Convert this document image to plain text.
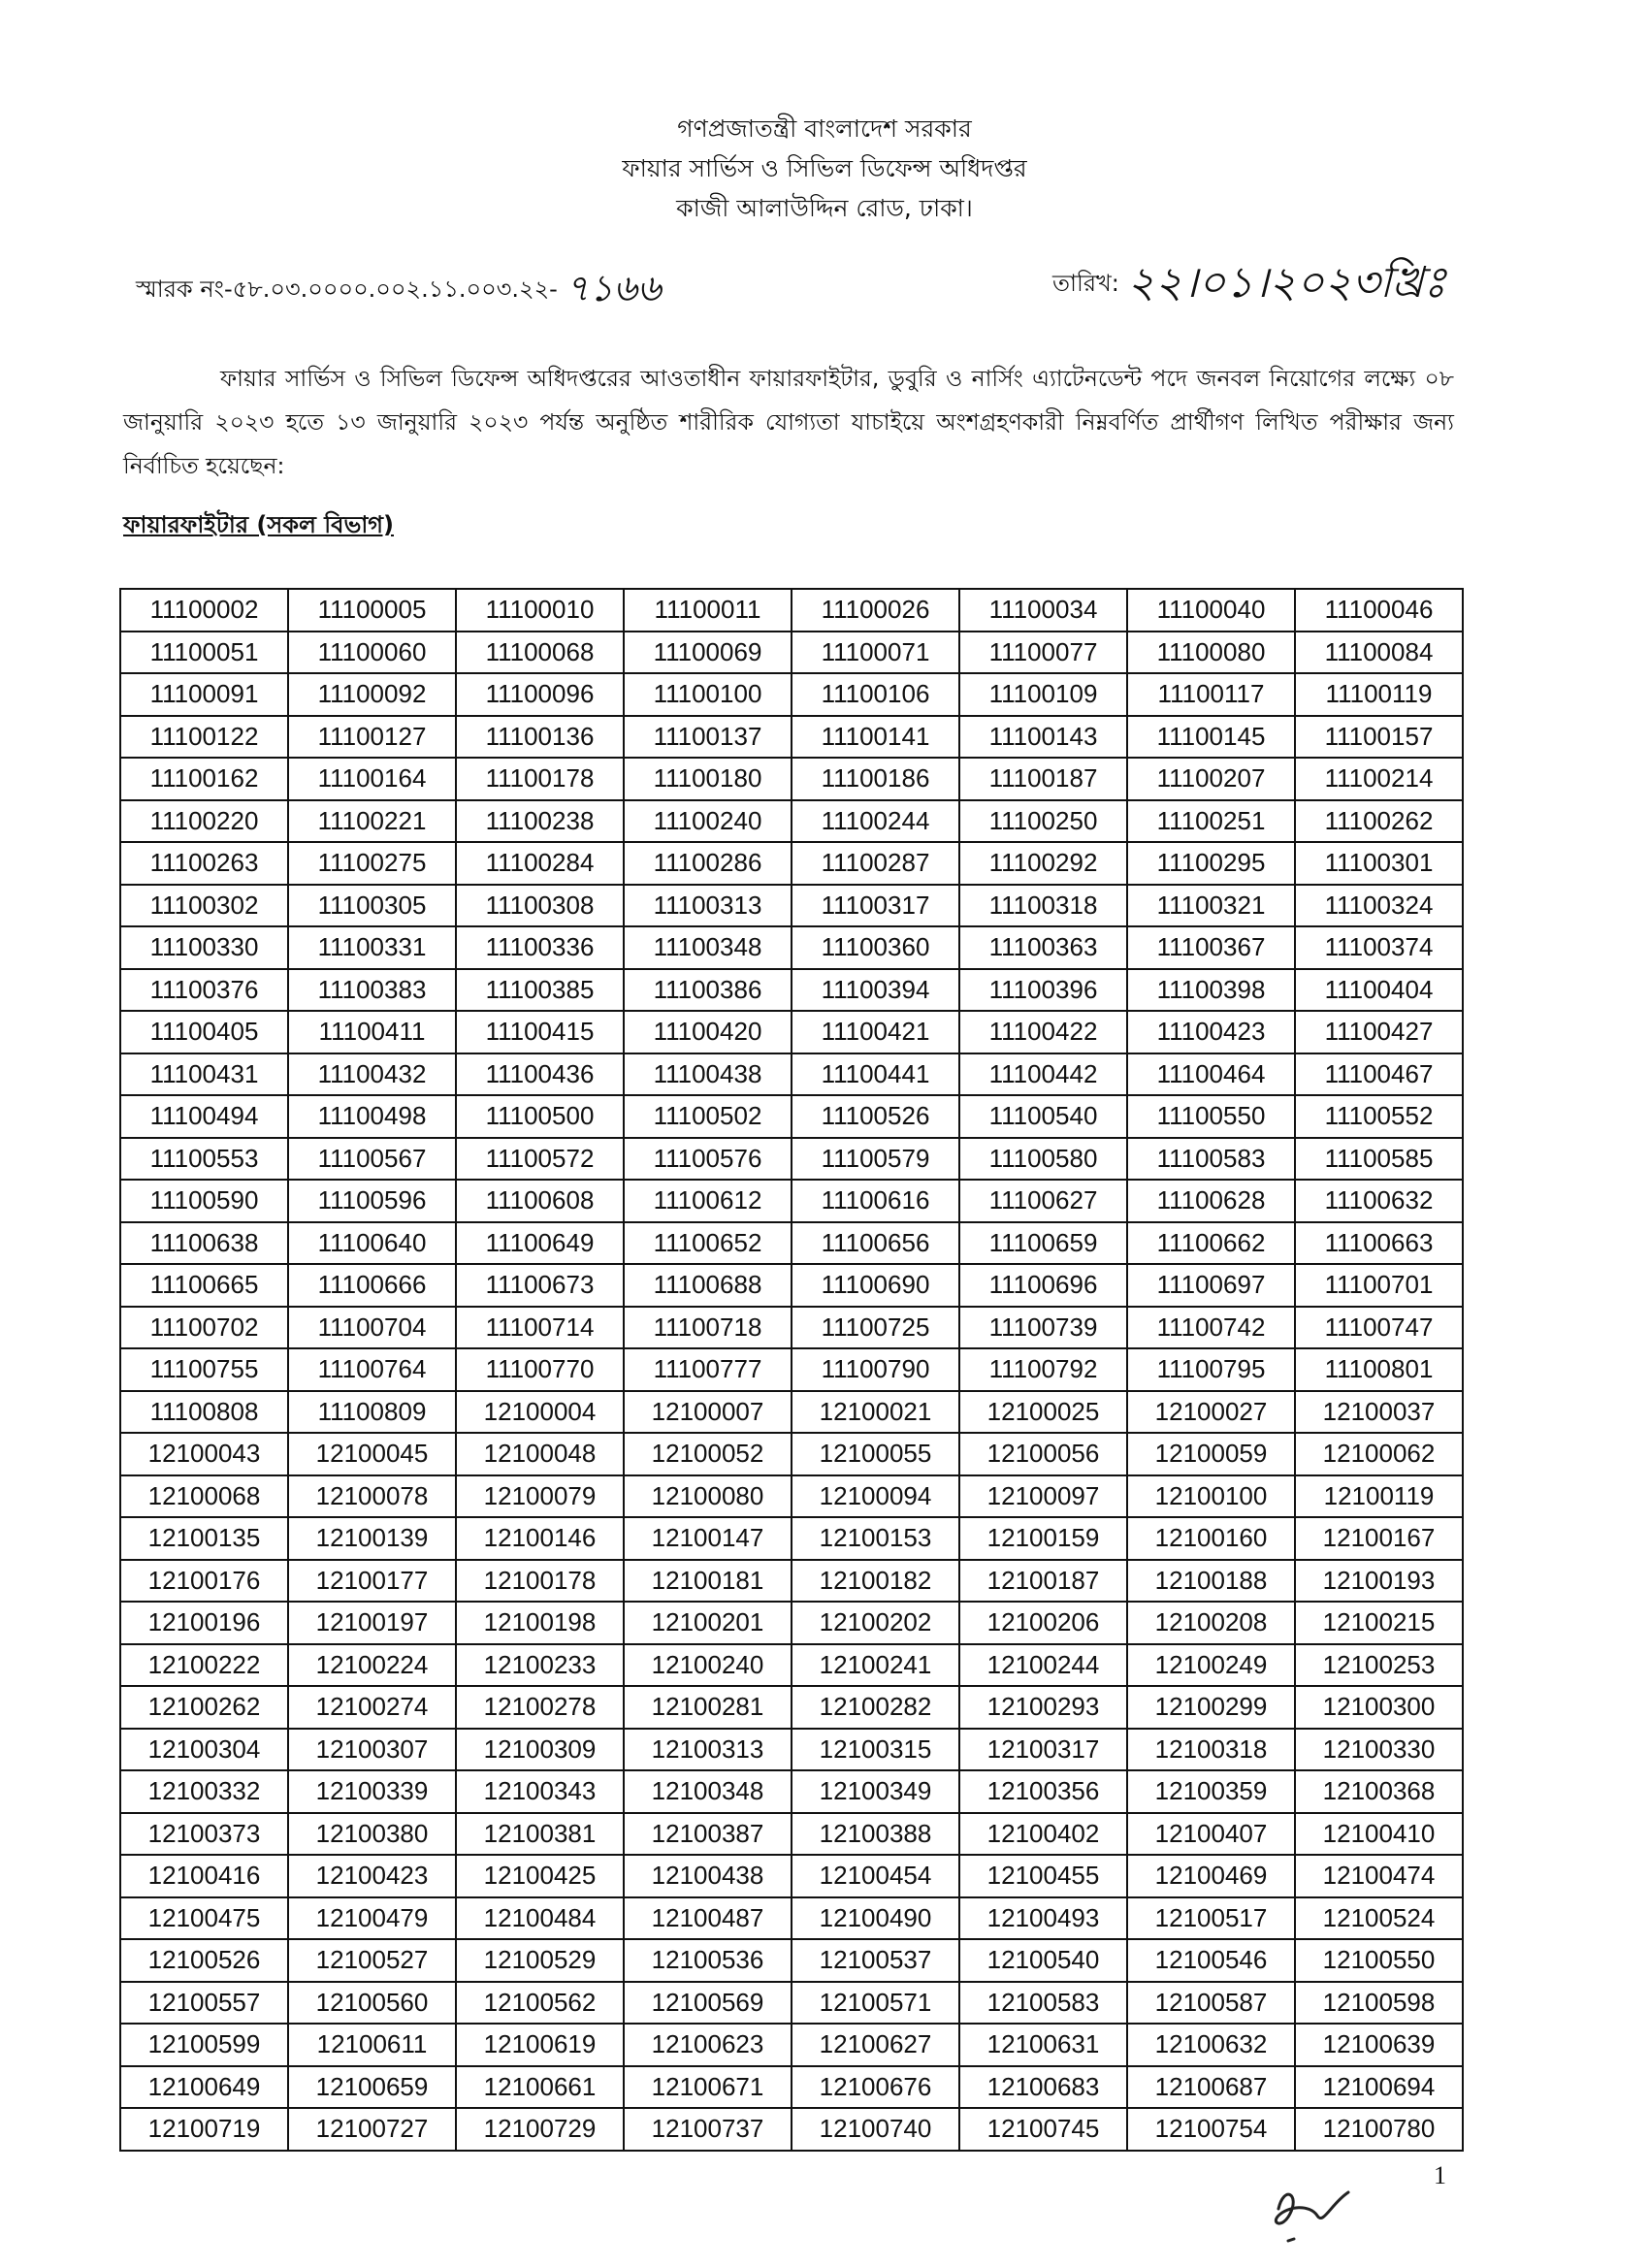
গণপ্রজাতন্ত্রী বাংলাদেশ সরকার
ফায়ার সার্ভিস ও সিভিল ডিফেন্স অধিদপ্তর
কাজী আলাউদ্দিন রোড, ঢাকা।
স্মারক নং-৫৮.০৩.০০০০.০০২.১১.০০৩.২২- ৭১৬৬	তারিখ: ২২।০১।২০২৩খ্রিঃ
ফায়ার সার্ভিস ও সিভিল ডিফেন্স অধিদপ্তরের আওতাধীন ফায়ারফাইটার, ডুবুরি ও নার্সিং এ্যাটেনডেন্ট পদে জনবল নিয়োগের লক্ষ্যে ০৮ জানুয়ারি ২০২৩ হতে ১৩ জানুয়ারি ২০২৩ পর্যন্ত অনুষ্ঠিত শারীরিক যোগ্যতা যাচাইয়ে অংশগ্রহণকারী নিম্নবর্ণিত প্রার্থীগণ লিখিত পরীক্ষার জন্য নির্বাচিত হয়েছেন:
ফায়ারফাইটার (সকল বিভাগ)
11100002	11100005	11100010	11100011	11100026	11100034	11100040	11100046
11100051	11100060	11100068	11100069	11100071	11100077	11100080	11100084
11100091	11100092	11100096	11100100	11100106	11100109	11100117	11100119
11100122	11100127	11100136	11100137	11100141	11100143	11100145	11100157
11100162	11100164	11100178	11100180	11100186	11100187	11100207	11100214
11100220	11100221	11100238	11100240	11100244	11100250	11100251	11100262
11100263	11100275	11100284	11100286	11100287	11100292	11100295	11100301
11100302	11100305	11100308	11100313	11100317	11100318	11100321	11100324
11100330	11100331	11100336	11100348	11100360	11100363	11100367	11100374
11100376	11100383	11100385	11100386	11100394	11100396	11100398	11100404
11100405	11100411	11100415	11100420	11100421	11100422	11100423	11100427
11100431	11100432	11100436	11100438	11100441	11100442	11100464	11100467
11100494	11100498	11100500	11100502	11100526	11100540	11100550	11100552
11100553	11100567	11100572	11100576	11100579	11100580	11100583	11100585
11100590	11100596	11100608	11100612	11100616	11100627	11100628	11100632
11100638	11100640	11100649	11100652	11100656	11100659	11100662	11100663
11100665	11100666	11100673	11100688	11100690	11100696	11100697	11100701
11100702	11100704	11100714	11100718	11100725	11100739	11100742	11100747
11100755	11100764	11100770	11100777	11100790	11100792	11100795	11100801
11100808	11100809	12100004	12100007	12100021	12100025	12100027	12100037
12100043	12100045	12100048	12100052	12100055	12100056	12100059	12100062
12100068	12100078	12100079	12100080	12100094	12100097	12100100	12100119
12100135	12100139	12100146	12100147	12100153	12100159	12100160	12100167
12100176	12100177	12100178	12100181	12100182	12100187	12100188	12100193
12100196	12100197	12100198	12100201	12100202	12100206	12100208	12100215
12100222	12100224	12100233	12100240	12100241	12100244	12100249	12100253
12100262	12100274	12100278	12100281	12100282	12100293	12100299	12100300
12100304	12100307	12100309	12100313	12100315	12100317	12100318	12100330
12100332	12100339	12100343	12100348	12100349	12100356	12100359	12100368
12100373	12100380	12100381	12100387	12100388	12100402	12100407	12100410
12100416	12100423	12100425	12100438	12100454	12100455	12100469	12100474
12100475	12100479	12100484	12100487	12100490	12100493	12100517	12100524
12100526	12100527	12100529	12100536	12100537	12100540	12100546	12100550
12100557	12100560	12100562	12100569	12100571	12100583	12100587	12100598
12100599	12100611	12100619	12100623	12100627	12100631	12100632	12100639
12100649	12100659	12100661	12100671	12100676	12100683	12100687	12100694
12100719	12100727	12100729	12100737	12100740	12100745	12100754	12100780
1
